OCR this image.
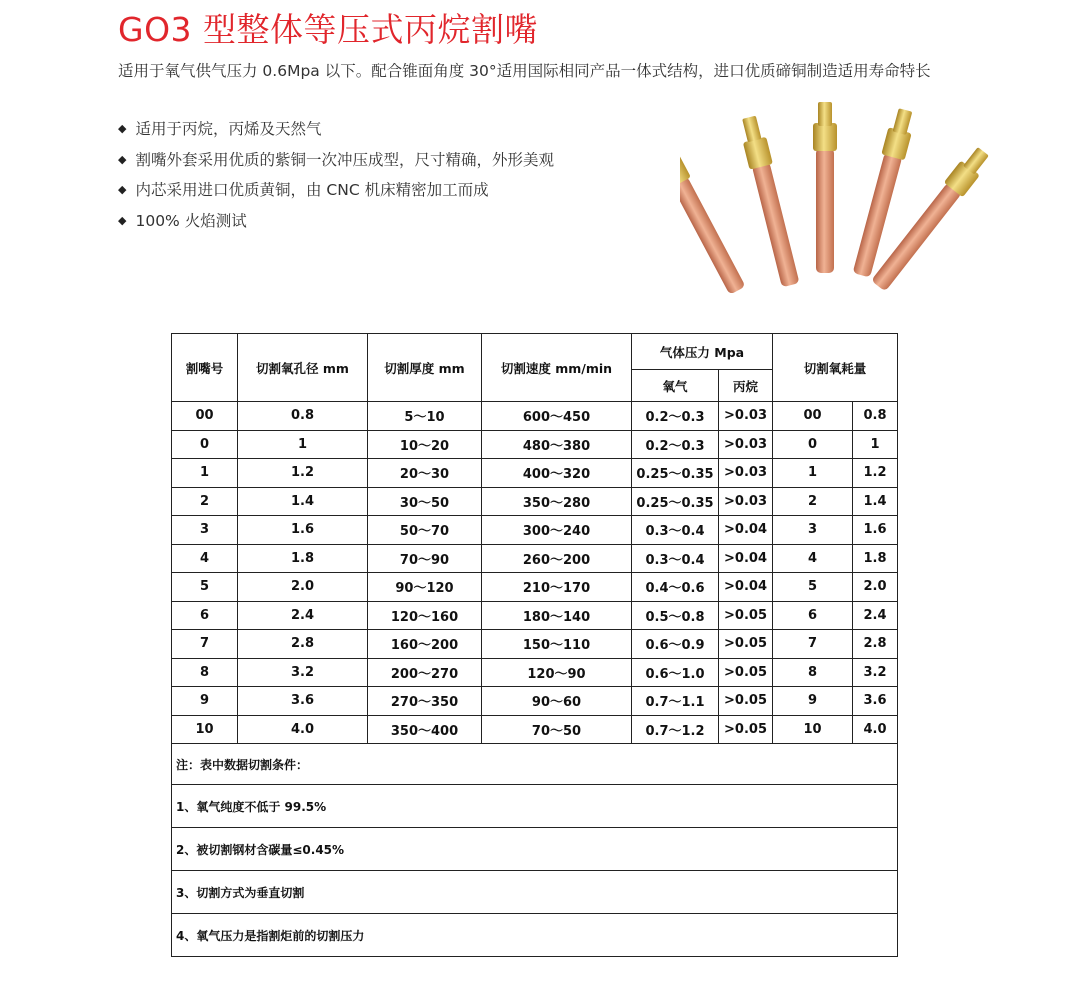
GO3 型整体等压式丙烷割嘴
适用于氧气供气压力 0.6Mpa 以下。配合锥面角度 30°适用国际相同产品一体式结构，进口优质碲铜制造适用寿命特长
◆ 适用于丙烷，丙烯及天然气
◆ 割嘴外套采用优质的紫铜一次冲压成型，尺寸精确，外形美观
◆ 内芯采用进口优质黄铜，由 CNC 机床精密加工而成
◆ 100% 火焰测试
割嘴号	切割氧孔径 mm	切割厚度 mm	切割速度 mm/min	气体压力 Mpa		切割氧耗量	
				氧气	丙烷		
00	0.8	5～10	600～450	0.2～0.3	>0.03	00	0.8
0	1	10～20	480～380	0.2～0.3	>0.03	0	1
1	1.2	20～30	400～320	0.25～0.35	>0.03	1	1.2
2	1.4	30～50	350～280	0.25～0.35	>0.03	2	1.4
3	1.6	50～70	300～240	0.3～0.4	>0.04	3	1.6
4	1.8	70～90	260～200	0.3～0.4	>0.04	4	1.8
5	2.0	90～120	210～170	0.4～0.6	>0.04	5	2.0
6	2.4	120～160	180～140	0.5～0.8	>0.05	6	2.4
7	2.8	160～200	150～110	0.6～0.9	>0.05	7	2.8
8	3.2	200～270	120～90	0.6～1.0	>0.05	8	3.2
9	3.6	270～350	90～60	0.7～1.1	>0.05	9	3.6
10	4.0	350～400	70～50	0.7～1.2	>0.05	10	4.0
注：表中数据切割条件：							
1、氧气纯度不低于 99.5%							
2、被切割钢材含碳量≤0.45%							
3、切割方式为垂直切割							
4、氧气压力是指割炬前的切割压力							
